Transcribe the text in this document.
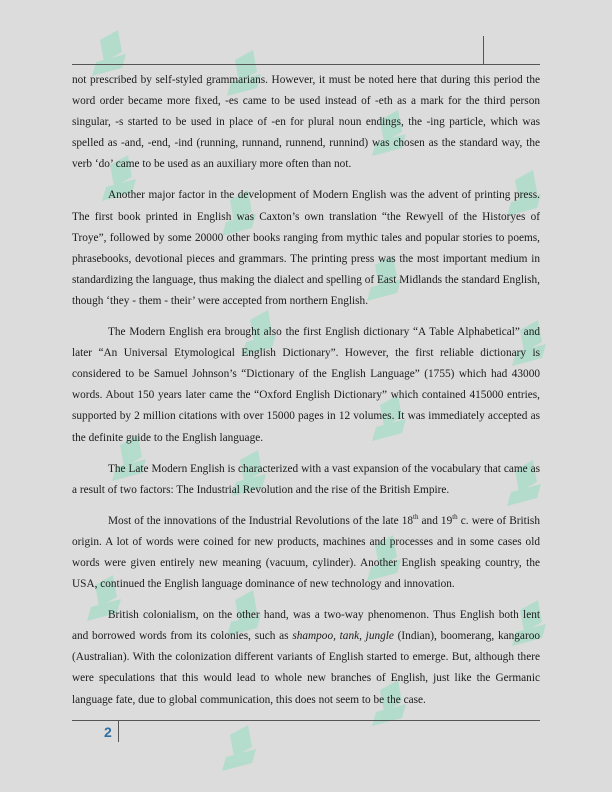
not prescribed by self-styled grammarians. However, it must be noted here that during this period the word order became more fixed, -es came to be used instead of -eth as a mark for the third person singular, -s started to be used in place of -en for plural noun endings, the -ing particle, which was spelled as -and, -end, -ind (running, runnand, runnend, runnind) was chosen as the standard way, the verb ‘do’ came to be used as an auxiliary more often than not.

Another major factor in the development of Modern English was the advent of printing press. The first book printed in English was Caxton’s own translation “the Rewyell of the Historyes of Troye”, followed by some 20000 other books ranging from mythic tales and popular stories to poems, phrasebooks, devotional pieces and grammars. The printing press was the most important medium in standardizing the language, thus making the dialect and spelling of East Midlands the standard English, though ‘they - them - their’ were accepted from northern English.

The Modern English era brought also the first English dictionary “A Table Alphabetical” and later “An Universal Etymological English Dictionary”. However, the first reliable dictionary is considered to be Samuel Johnson’s “Dictionary of the English Language” (1755) which had 43000 words. About 150 years later came the “Oxford English Dictionary” which contained 415000 entries, supported by 2 million citations with over 15000 pages in 12 volumes. It was immediately accepted as the definite guide to the English language.

The Late Modern English is characterized with a vast expansion of the vocabulary that came as a result of two factors: The Industrial Revolution and the rise of the British Empire.

Most of the innovations of the Industrial Revolutions of the late 18th and 19th c. were of British origin. A lot of words were coined for new products, machines and processes and in some cases old words were given entirely new meaning (vacuum, cylinder). Another English speaking country, the USA, continued the English language dominance of new technology and innovation.

British colonialism, on the other hand, was a two-way phenomenon. Thus English both lent and borrowed words from its colonies, such as shampoo, tank, jungle (Indian), boomerang, kangaroo (Australian). With the colonization different variants of English started to emerge. But, although there were speculations that this would lead to whole new branches of English, just like the Germanic language fate, due to global communication, this does not seem to be the case.

2
